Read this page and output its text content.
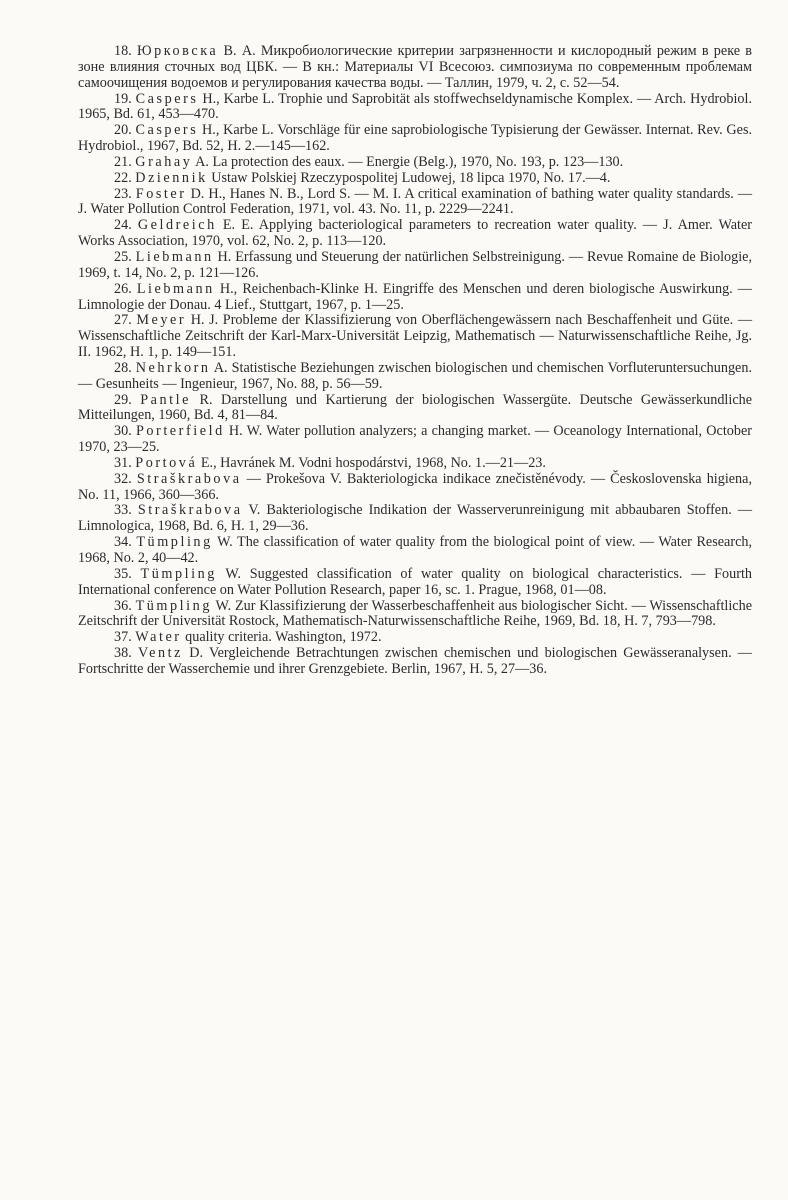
18. Юрковска В. А. Микробиологические критерии загрязненности и кислородный режим в реке в зоне влияния сточных вод ЦБК. — В кн.: Материалы VI Всесоюз. симпозиума по современным проблемам самоочищения водоемов и регулирования качества воды. — Таллин, 1979, ч. 2, с. 52—54.

19. Caspers H., Karbe L. Trophie und Saprobität als stoffwechseldynamische Komplex. — Arch. Hydrobiol. 1965, Bd. 61, 453—470.

20. Caspers H., Karbe L. Vorschläge für eine saprobiologische Typisierung der Gewässer. Internat. Rev. Ges. Hydrobiol., 1967, Bd. 52, H. 2.—145—162.

21. Grahay A. La protection des eaux. — Energie (Belg.), 1970, No. 193, p. 123—130.

22. Dziennik Ustaw Polskiej Rzeczypospolitej Ludowej, 18 lipca 1970, No. 17.—4.

23. Foster D. H., Hanes N. B., Lord S. — M. I. A critical examination of bathing water quality standards. — J. Water Pollution Control Federation, 1971, vol. 43. No. 11, p. 2229—2241.

24. Geldreich E. E. Applying bacteriological parameters to recreation water quality. — J. Amer. Water Works Association, 1970, vol. 62, No. 2, p. 113—120.

25. Liebmann H. Erfassung und Steuerung der natürlichen Selbstreinigung. — Revue Romaine de Biologie, 1969, t. 14, No. 2, p. 121—126.

26. Liebmann H., Reichenbach-Klinke H. Eingriffe des Menschen und deren biologische Auswirkung. — Limnologie der Donau. 4 Lief., Stuttgart, 1967, p. 1—25.

27. Meyer H. J. Probleme der Klassifizierung von Oberflächengewässern nach Beschaffenheit und Güte. — Wissenschaftliche Zeitschrift der Karl-Marx-Universität Leipzig, Mathematisch — Naturwissenschaftliche Reihe, Jg. II. 1962, H. 1, p. 149—151.

28. Nehrkorn A. Statistische Beziehungen zwischen biologischen und chemischen Vorfluteruntersuchungen. — Gesunheits — Ingenieur, 1967, No. 88, p. 56—59.

29. Pantle R. Darstellung und Kartierung der biologischen Wassergüte. Deutsche Gewässerkundliche Mitteilungen, 1960, Bd. 4, 81—84.

30. Porterfield H. W. Water pollution analyzers; a changing market. — Oceanology International, October 1970, 23—25.

31. Portová E., Havránek M. Vodni hospodárstvi, 1968, No. 1.—21—23.

32. Straškrabova — Prokešova V. Bakteriologicka indikace znečistěnévody. — Československa higiena, No. 11, 1966, 360—366.

33. Straškrabova V. Bakteriologische Indikation der Wasserverunreinigung mit abbaubaren Stoffen. — Limnologica, 1968, Bd. 6, H. 1, 29—36.

34. Tümpling W. The classification of water quality from the biological point of view. — Water Research, 1968, No. 2, 40—42.

35. Tümpling W. Suggested classification of water quality on biological characteristics. — Fourth International conference on Water Pollution Research, paper 16, sc. 1. Prague, 1968, 01—08.

36. Tümpling W. Zur Klassifizierung der Wasserbeschaffenheit aus biologischer Sicht. — Wissenschaftliche Zeitschrift der Universität Rostock, Mathematisch-Naturwissenschaftliche Reihe, 1969, Bd. 18, H. 7, 793—798.

37. Water quality criteria. Washington, 1972.

38. Ventz D. Vergleichende Betrachtungen zwischen chemischen und biologischen Gewässeranalysen. — Fortschritte der Wasserchemie und ihrer Grenzgebiete. Berlin, 1967, H. 5, 27—36.
